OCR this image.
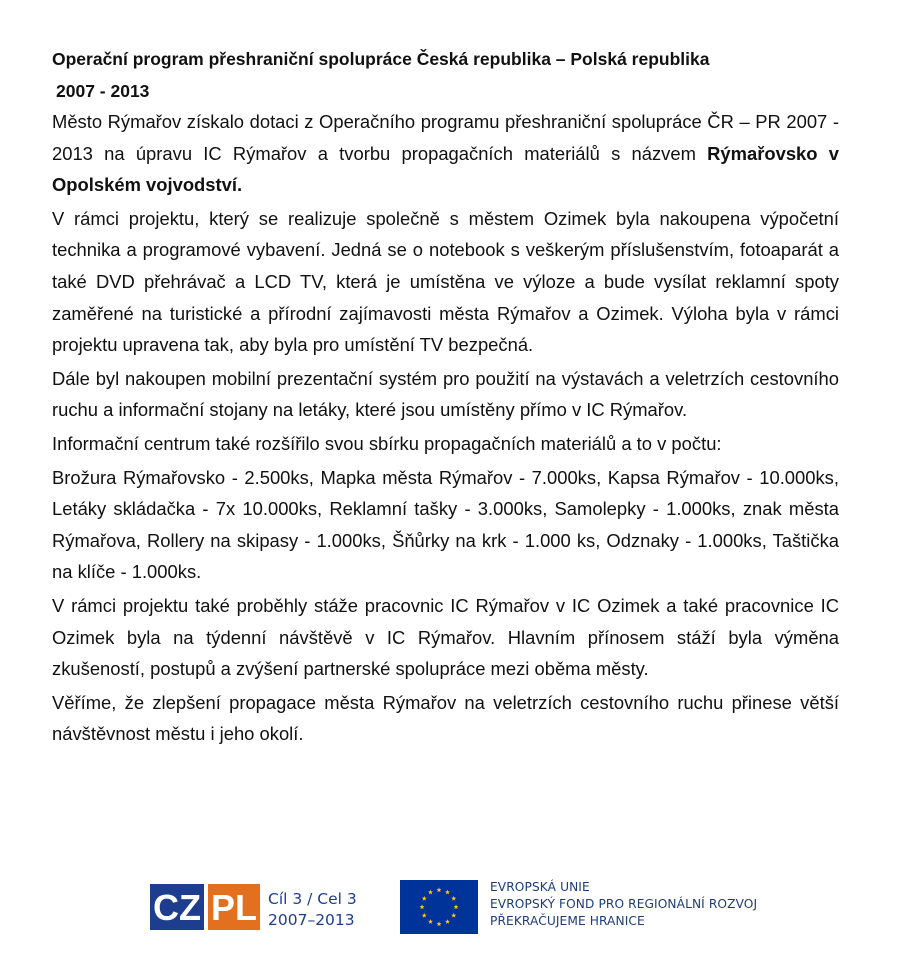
Operační program přeshraniční spolupráce Česká republika – Polská republika

2007 - 2013

Město Rýmařov získalo dotaci z Operačního programu přeshraniční spolupráce ČR – PR 2007 - 2013 na úpravu IC Rýmařov a tvorbu propagačních materiálů s názvem Rýmařovsko v Opolském vojvodství.

V rámci projektu, který se realizuje společně s městem Ozimek byla nakoupena výpočetní technika a programové vybavení. Jedná se o notebook s veškerým příslušenstvím, fotoaparát a také DVD přehrávač a LCD TV, která je umístěna ve výloze a bude vysílat reklamní spoty zaměřené na turistické a přírodní zajímavosti města Rýmařov a Ozimek. Výloha byla v rámci projektu upravena tak, aby byla pro umístění TV bezpečná.

Dále byl nakoupen mobilní prezentační systém pro použití na výstavách a veletrzích cestovního ruchu a informační stojany na letáky, které jsou umístěny přímo v IC Rýmařov.

Informační centrum také rozšířilo svou sbírku propagačních materiálů a to v počtu:

Brožura Rýmařovsko - 2.500ks, Mapka města Rýmařov - 7.000ks, Kapsa Rýmařov - 10.000ks, Letáky skládačka - 7x 10.000ks, Reklamní tašky - 3.000ks, Samolepky - 1.000ks, znak města Rýmařova, Rollery na skipasy - 1.000ks, Šňůrky na krk - 1.000 ks, Odznaky - 1.000ks, Taštička na klíče - 1.000ks.

V rámci projektu také proběhly stáže pracovnic IC Rýmařov v IC Ozimek a také pracovnice IC Ozimek byla na týdenní návštěvě v IC Rýmařov. Hlavním přínosem stáží byla výměna zkušeností, postupů a zvýšení partnerské spolupráce mezi oběma městy.

Věříme, že zlepšení propagace města Rýmařov na veletrzích cestovního ruchu přinese větší návštěvnost městu i jeho okolí.

CZ PL Cíl 3 / Cel 3
2007–2013
EVROPSKÁ UNIE
EVROPSKÝ FOND PRO REGIONÁLNÍ ROZVOJ
PŘEKRAČUJEME HRANICE
